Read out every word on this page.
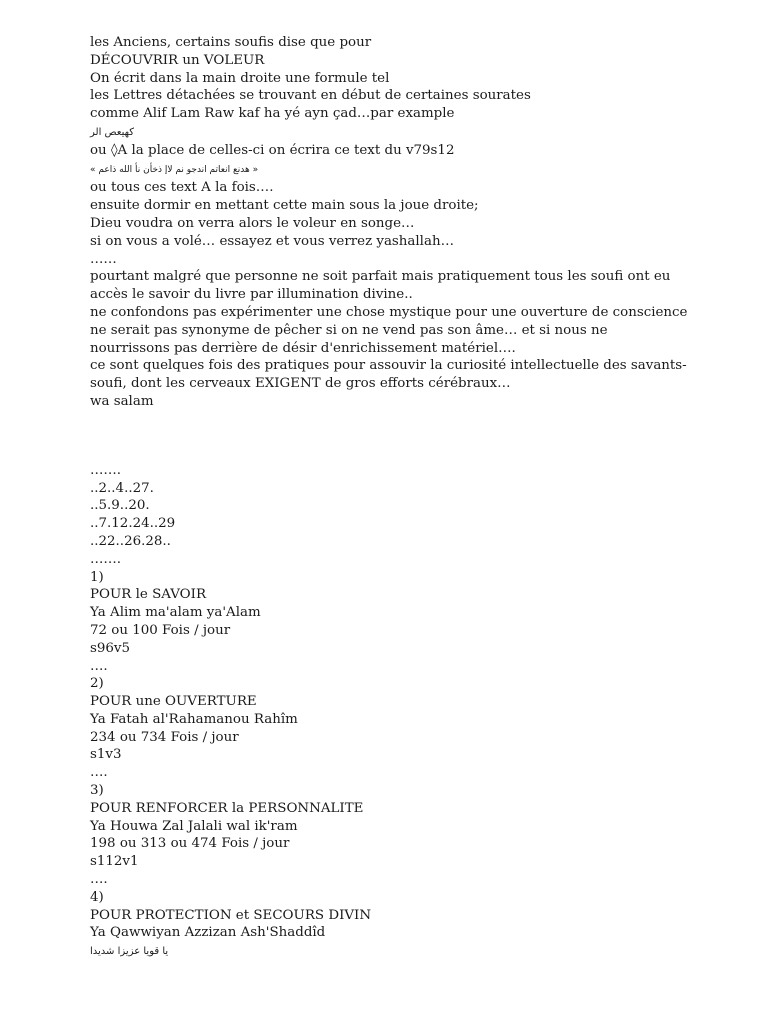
les Anciens, certains soufis dise que pour
DÉCOUVRIR un VOLEUR
On écrit dans la main droite une formule tel
les Lettres détachées se trouvant en début de certaines sourates
comme Alif Lam Raw kaf ha yé ayn çad…par example
كهيعص الر
ou ◊A la place de celles-ci on écrira ce text du v79s12
« هدنع انعاتم اندجو نم لاإ ذخأن نأ الله ذاعم »
ou tous ces text A la fois….
ensuite dormir en mettant cette main sous la joue droite;
Dieu voudra on verra alors le voleur en songe…
si on vous a volé… essayez et vous verrez yashallah…
……
pourtant malgré que personne ne soit parfait mais pratiquement tous les soufi ont eu accès le savoir du livre par illumination divine..
ne confondons pas expérimenter une chose mystique pour une ouverture de conscience ne serait pas synonyme de pêcher si on ne vend pas son âme… et si nous ne nourrissons pas derrière de désir d'enrichissement matériel….
ce sont quelques fois des pratiques pour assouvir la curiosité intellectuelle des savants-soufi, dont les cerveaux EXIGENT de gros efforts cérébraux…
wa salam
…….
..2..4..27.
..5.9..20.
..7.12.24..29
..22..26.28..
…….
1)
POUR le SAVOIR
Ya Alim ma'alam ya'Alam
72 ou 100 Fois / jour
s96v5
….
2)
POUR une OUVERTURE
Ya Fatah al'Rahamanou Rahîm
234 ou 734 Fois / jour
s1v3
….
3)
POUR RENFORCER la PERSONNALITE
Ya Houwa Zal Jalali wal ik'ram
198 ou 313 ou 474 Fois / jour
s112v1
….
4)
POUR PROTECTION et SECOURS DIVIN
Ya Qawwiyan Azzizan Ash'Shaddîd
يا قويا عزيزا شديدا
